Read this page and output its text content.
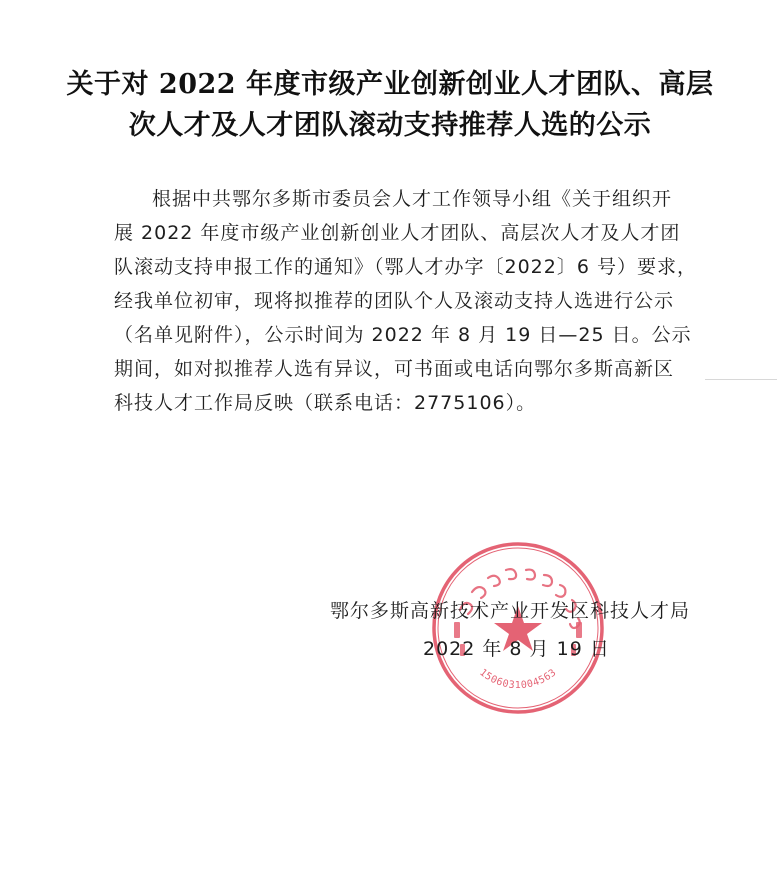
关于对 2022 年度市级产业创新创业人才团队、高层
次人才及人才团队滚动支持推荐人选的公示
根据中共鄂尔多斯市委员会人才工作领导小组《关于组织开
展 2022 年度市级产业创新创业人才团队、高层次人才及人才团
队滚动支持申报工作的通知》（鄂人才办字〔2022〕6 号）要求，
经我单位初审，现将拟推荐的团队个人及滚动支持人选进行公示
（名单见附件），公示时间为 2022 年 8 月 19 日—25 日。公示
期间，如对拟推荐人选有异议，可书面或电话向鄂尔多斯高新区
科技人才工作局反映（联系电话：2775106）。
1506031004563
鄂尔多斯高新技术产业开发区科技人才局
2022 年 8 月 19 日
